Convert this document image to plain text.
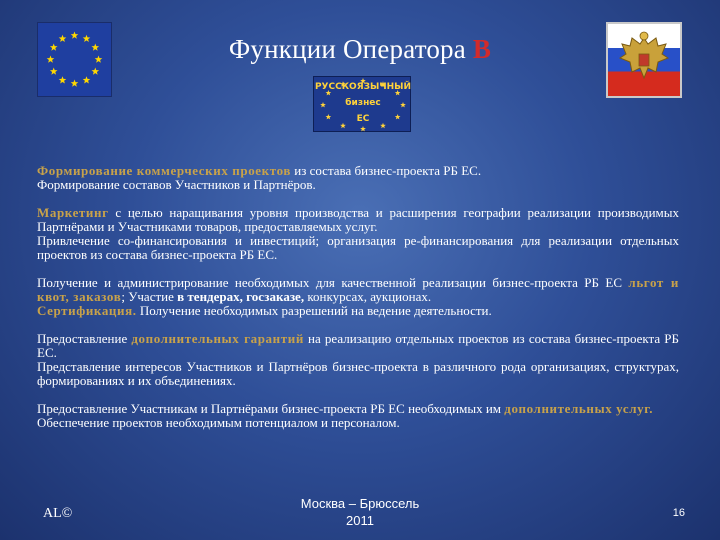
Функции Оператора В
РУССКОЯЗЫЧНЫЙ
бизнес
ЕС

Формирование коммерческих проектов из состава бизнес-проекта РБ ЕС.

Формирование составов Участников и Партнёров.

Маркетинг с целью наращивания уровня производства и расширения географии реализации производимых Партнёрами и Участниками товаров, предоставляемых услуг.

Привлечение со-финансирования и инвестиций; организация ре-финансирования для реализации отдельных проектов из состава бизнес-проекта РБ ЕС.

Получение и администрирование необходимых для качественной реализации бизнес-проекта РБ ЕС льгот и квот, заказов; Участие в тендерах, госзаказе, конкурсах, аукционах.

Сертификация. Получение необходимых разрешений на ведение деятельности.

Предоставление дополнительных гарантий на реализацию отдельных проектов из состава бизнес-проекта РБ ЕС.

Представление интересов Участников и Партнёров бизнес-проекта в различного рода организациях, структурах, формированиях и их объединениях.

Предоставление Участникам и Партнёрами бизнес-проекта РБ ЕС необходимых им дополнительных услуг.

Обеспечение проектов необходимым потенциалом и персоналом.

AL©
Москва – Брюссель
2011	16
